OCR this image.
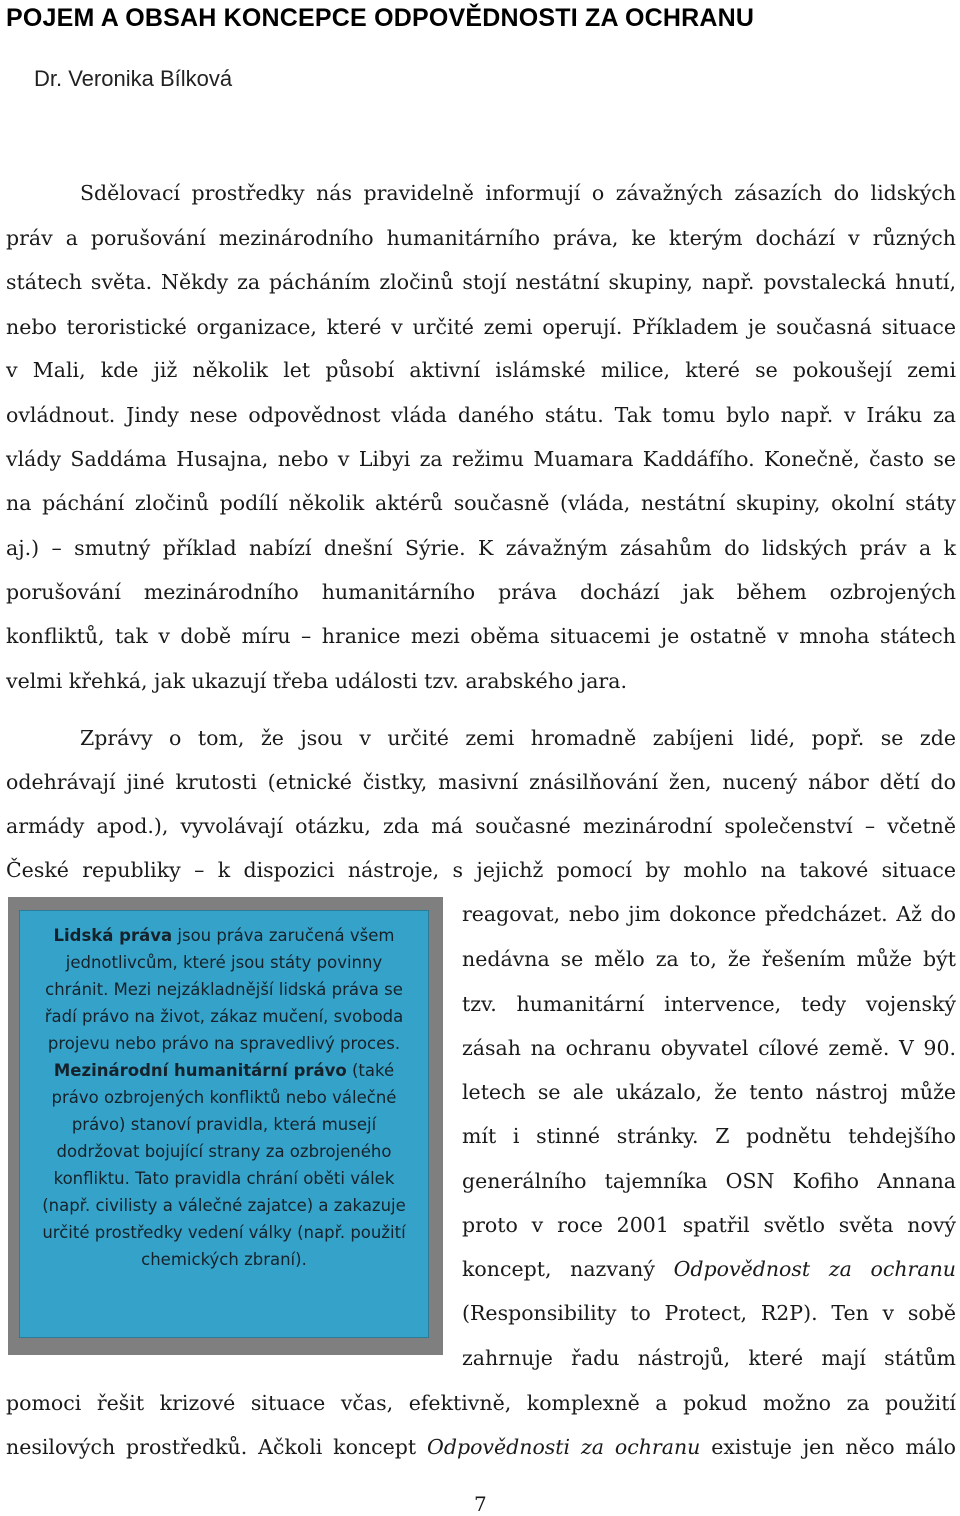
POJEM A OBSAH KONCEPCE ODPOVĚDNOSTI ZA OCHRANU
Dr. Veronika Bílková
Sdělovací prostředky nás pravidelně informují o závažných zásazích do lidských
práv a porušování mezinárodního humanitárního práva, ke kterým dochází v různých
státech světa. Někdy za pácháním zločinů stojí nestátní skupiny, např. povstalecká hnutí,
nebo teroristické organizace, které v určité zemi operují. Příkladem je současná situace
v Mali, kde již několik let působí aktivní islámské milice, které se pokoušejí zemi
ovládnout. Jindy nese odpovědnost vláda daného státu. Tak tomu bylo např. v Iráku za
vlády Saddáma Husajna, nebo v Libyi za režimu Muamara Kaddáfího. Konečně, často se
na páchání zločinů podílí několik aktérů současně (vláda, nestátní skupiny, okolní státy
aj.) – smutný příklad nabízí dnešní Sýrie. K závažným zásahům do lidských práv a k
porušování mezinárodního humanitárního práva dochází jak během ozbrojených
konfliktů, tak v době míru – hranice mezi oběma situacemi je ostatně v mnoha státech
velmi křehká, jak ukazují třeba události tzv. arabského jara.
Zprávy o tom, že jsou v určité zemi hromadně zabíjeni lidé, popř. se zde
odehrávají jiné krutosti (etnické čistky, masivní znásilňování žen, nucený nábor dětí do
armády apod.), vyvolávají otázku, zda má současné mezinárodní společenství – včetně
České republiky – k dispozici nástroje, s jejichž pomocí by mohlo na takové situace
reagovat, nebo jim dokonce předcházet. Až do
nedávna se mělo za to, že řešením může být
tzv. humanitární intervence, tedy vojenský
zásah na ochranu obyvatel cílové země. V 90.
letech se ale ukázalo, že tento nástroj může
mít i stinné stránky. Z podnětu tehdejšího
generálního tajemníka OSN Kofiho Annana
proto v roce 2001 spatřil světlo světa nový
koncept, nazvaný Odpovědnost za ochranu
(Responsibility to Protect, R2P). Ten v sobě
zahrnuje řadu nástrojů, které mají státům
pomoci řešit krizové situace včas, efektivně, komplexně a pokud možno za použití
nesilových prostředků. Ačkoli koncept Odpovědnosti za ochranu existuje jen něco málo
Lidská práva jsou práva zaručená všem jednotlivcům, které jsou státy povinny chránit. Mezi nejzákladnější lidská práva se řadí právo na život, zákaz mučení, svoboda projevu nebo právo na spravedlivý proces.
Mezinárodní humanitární právo (také právo ozbrojených konfliktů nebo válečné právo) stanoví pravidla, která musejí dodržovat bojující strany za ozbrojeného konfliktu. Tato pravidla chrání oběti válek (např. civilisty a válečné zajatce) a zakazuje určité prostředky vedení války (např. použití chemických zbraní).
7
